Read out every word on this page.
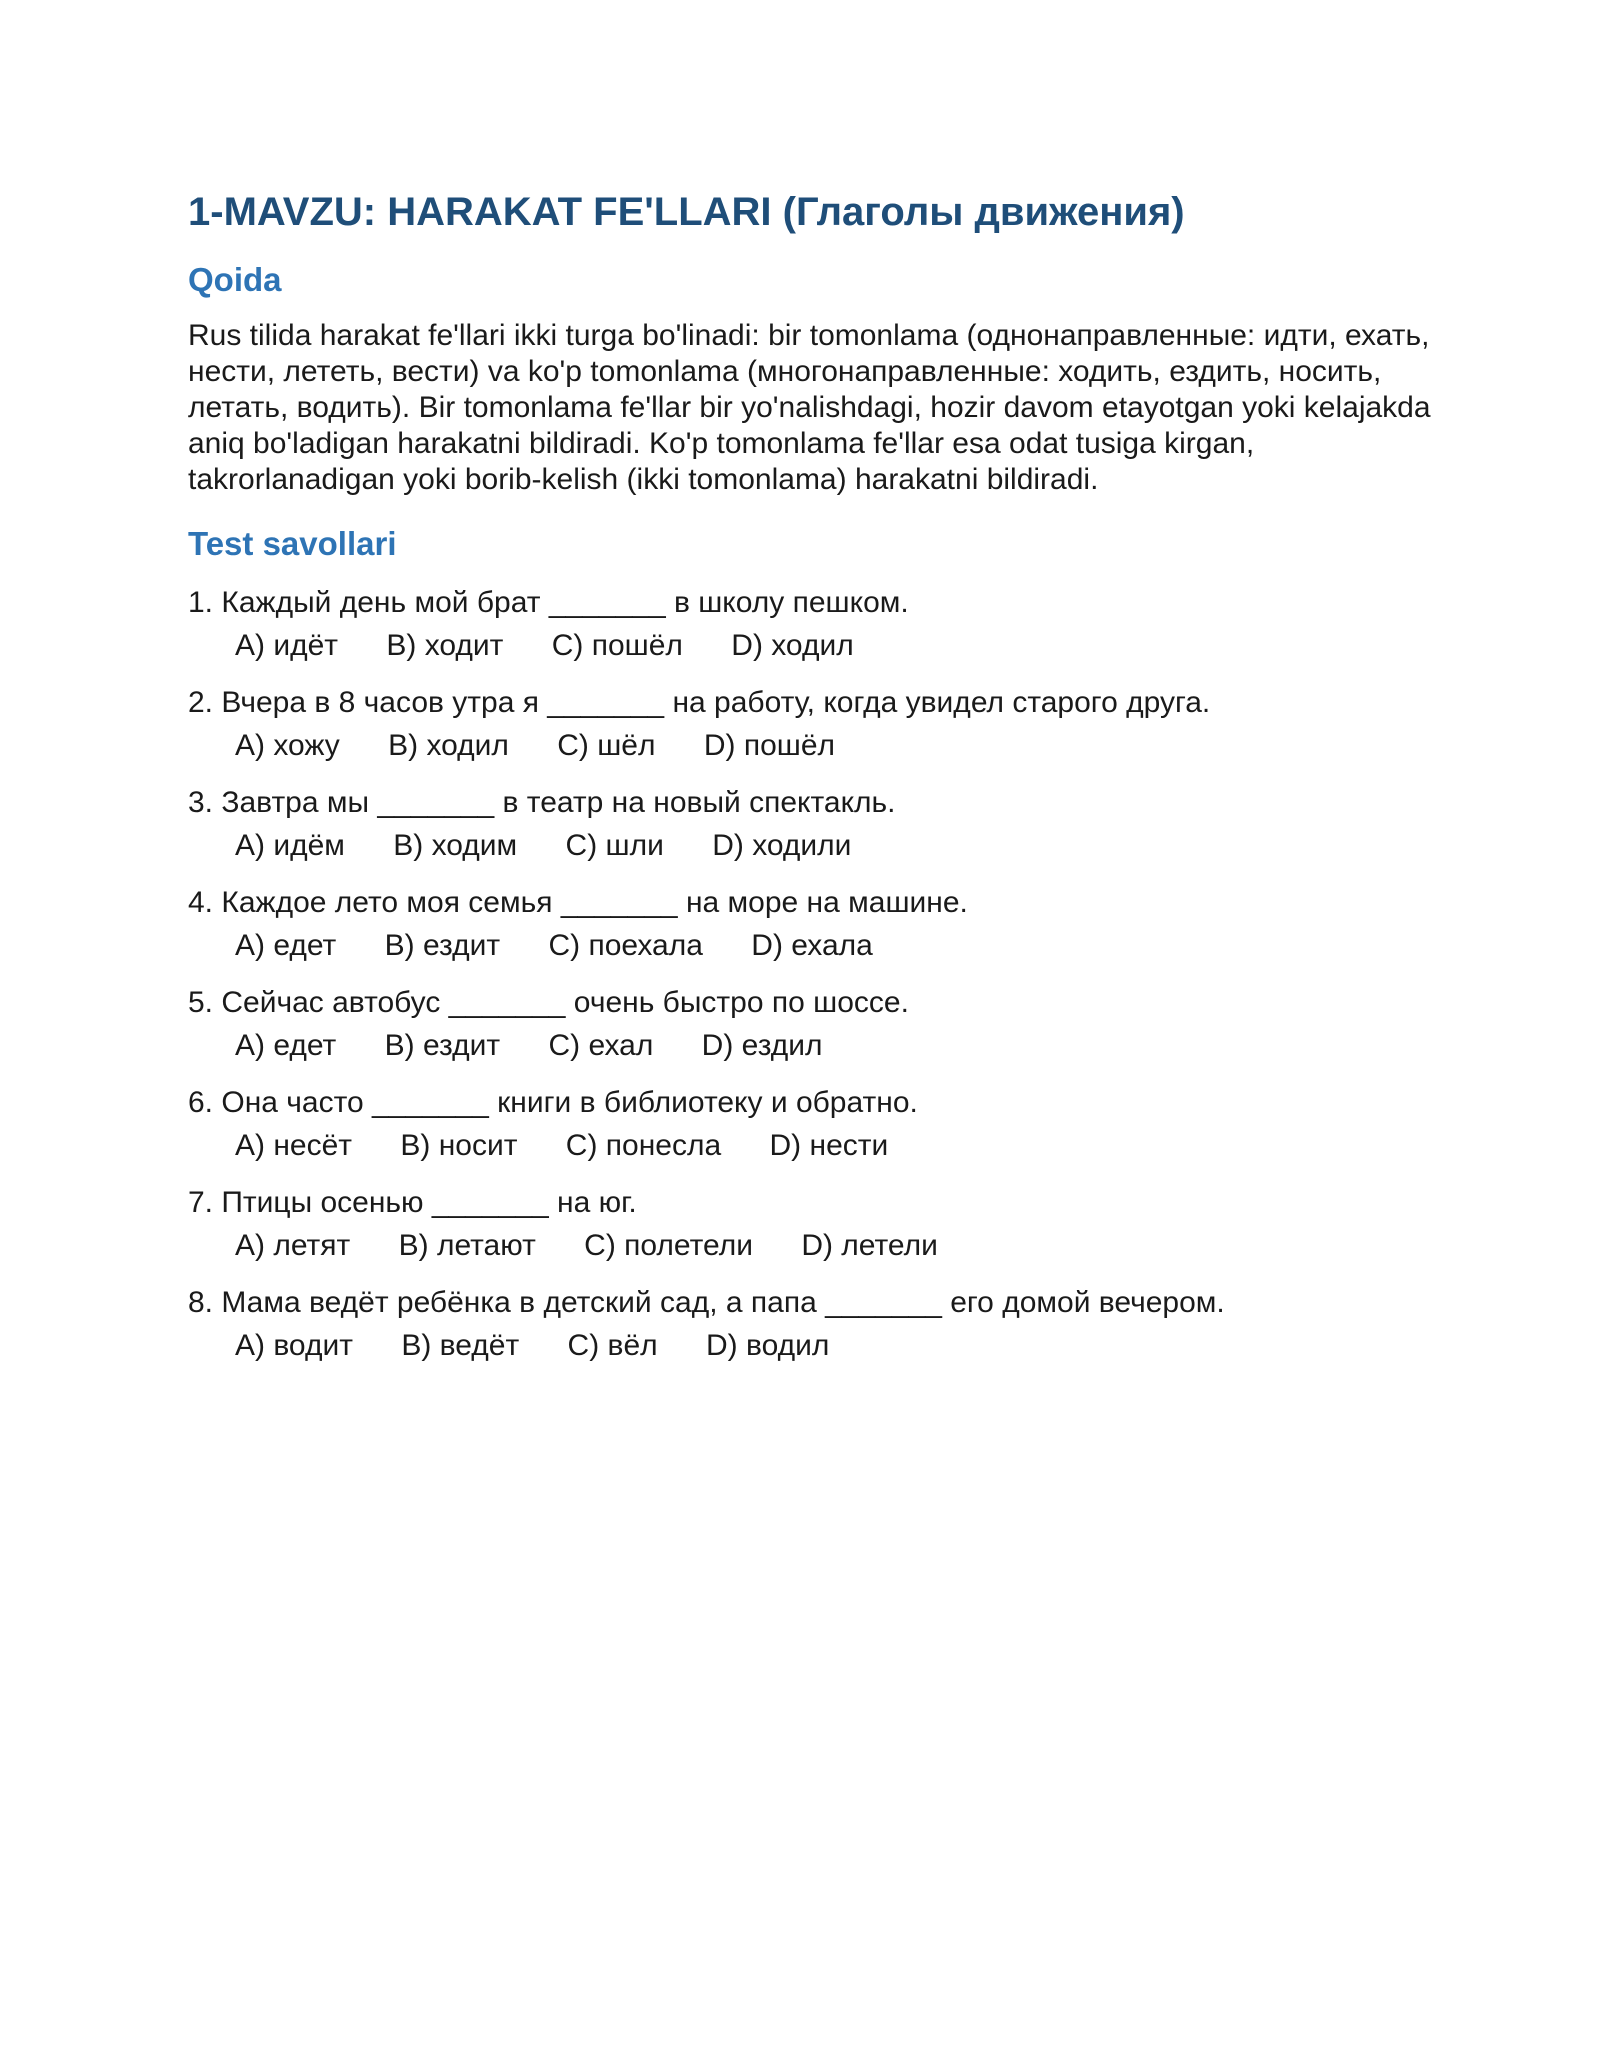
1-MAVZU: HARAKAT FE'LLARI (Глаголы движения)
Qoida

Rus tilida harakat fe'llari ikki turga bo'linadi: bir tomonlama (однонаправленные: идти, ехать, нести, лететь, вести) va ko'p tomonlama (многонаправленные: ходить, ездить, носить, летать, водить). Bir tomonlama fe'llar bir yo'nalishdagi, hozir davom etayotgan yoki kelajakda aniq bo'ladigan harakatni bildiradi. Ko'p tomonlama fe'llar esa odat tusiga kirgan, takrorlanadigan yoki borib-kelish (ikki tomonlama) harakatni bildiradi.

Test savollari
1. Каждый день мой брат _______ в школу пешком.
A) идёт B) ходит C) пошёл D) ходил
2. Вчера в 8 часов утра я _______ на работу, когда увидел старого друга.
A) хожу B) ходил C) шёл D) пошёл
3. Завтра мы _______ в театр на новый спектакль.
A) идём B) ходим C) шли D) ходили
4. Каждое лето моя семья _______ на море на машине.
A) едет B) ездит C) поехала D) ехала
5. Сейчас автобус _______ очень быстро по шоссе.
A) едет B) ездит C) ехал D) ездил
6. Она часто _______ книги в библиотеку и обратно.
A) несёт B) носит C) понесла D) нести
7. Птицы осенью _______ на юг.
A) летят B) летают C) полетели D) летели
8. Мама ведёт ребёнка в детский сад, а папа _______ его домой вечером.
A) водит B) ведёт C) вёл D) водил
